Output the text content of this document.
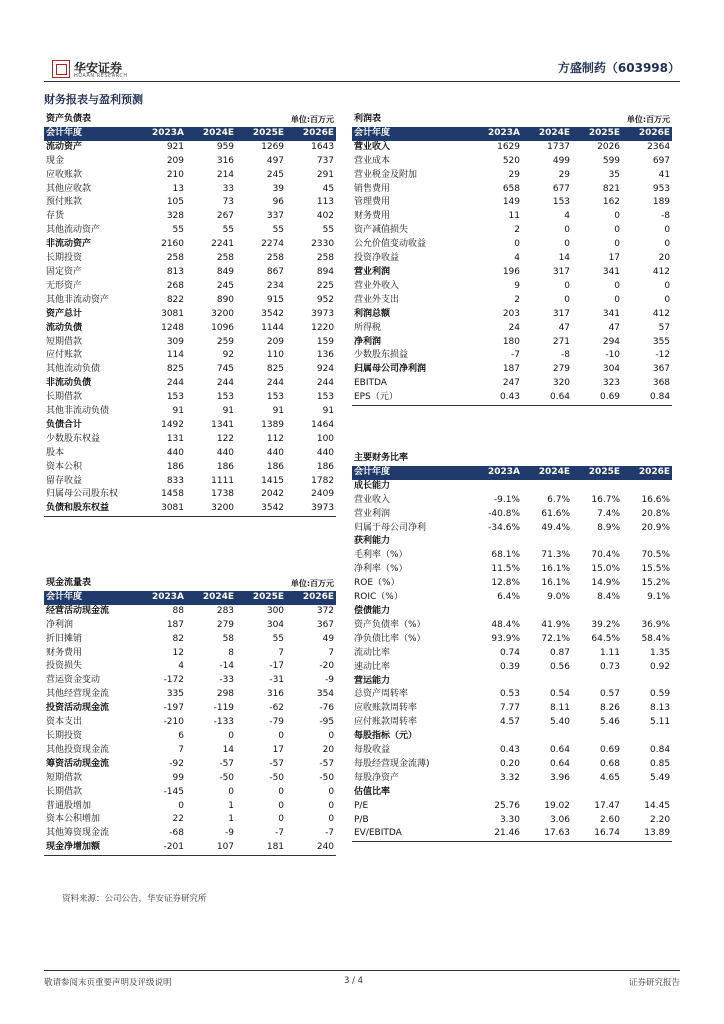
华安证券
HUAAN RESEARCH
方盛制药（603998）
财务报表与盈利预测
资产负债表			单位:百万元	
会计年度	2023A	2024E	2025E	2026E
流动资产	921	959	1269	1643
现金	209	316	497	737
应收账款	210	214	245	291
其他应收款	13	33	39	45
预付账款	105	73	96	113
存货	328	267	337	402
其他流动资产	55	55	55	55
非流动资产	2160	2241	2274	2330
长期投资	258	258	258	258
固定资产	813	849	867	894
无形资产	268	245	234	225
其他非流动资产	822	890	915	952
资产总计	3081	3200	3542	3973
流动负债	1248	1096	1144	1220
短期借款	309	259	209	159
应付账款	114	92	110	136
其他流动负债	825	745	825	924
非流动负债	244	244	244	244
长期借款	153	153	153	153
其他非流动负债	91	91	91	91
负债合计	1492	1341	1389	1464
少数股东权益	131	122	112	100
股本	440	440	440	440
资本公积	186	186	186	186
留存收益	833	1111	1415	1782
归属母公司股东权	1458	1738	2042	2409
负债和股东权益	3081	3200	3542	3973
利润表			单位:百万元	
会计年度	2023A	2024E	2025E	2026E
营业收入	1629	1737	2026	2364
营业成本	520	499	599	697
营业税金及附加	29	29	35	41
销售费用	658	677	821	953
管理费用	149	153	162	189
财务费用	11	4	0	-8
资产减值损失	2	0	0	0
公允价值变动收益	0	0	0	0
投资净收益	4	14	17	20
营业利润	196	317	341	412
营业外收入	9	0	0	0
营业外支出	2	0	0	0
利润总额	203	317	341	412
所得税	24	47	47	57
净利润	180	271	294	355
少数股东损益	-7	-8	-10	-12
归属母公司净利润	187	279	304	367
EBITDA	247	320	323	368
EPS（元）	0.43	0.64	0.69	0.84
主要财务比率				
会计年度	2023A	2024E	2025E	2026E
成长能力				
营业收入	-9.1%	6.7%	16.7%	16.6%
营业利润	-40.8%	61.6%	7.4%	20.8%
归属于母公司净利	-34.6%	49.4%	8.9%	20.9%
获利能力				
毛利率（%）	68.1%	71.3%	70.4%	70.5%
净利率（%）	11.5%	16.1%	15.0%	15.5%
ROE（%）	12.8%	16.1%	14.9%	15.2%
ROIC（%）	6.4%	9.0%	8.4%	9.1%
偿债能力				
资产负债率（%）	48.4%	41.9%	39.2%	36.9%
净负债比率（%）	93.9%	72.1%	64.5%	58.4%
流动比率	0.74	0.87	1.11	1.35
速动比率	0.39	0.56	0.73	0.92
营运能力				
总资产周转率	0.53	0.54	0.57	0.59
应收账款周转率	7.77	8.11	8.26	8.13
应付账款周转率	4.57	5.40	5.46	5.11
每股指标（元）				
每股收益	0.43	0.64	0.69	0.84
每股经营现金流薄)	0.20	0.64	0.68	0.85
每股净资产	3.32	3.96	4.65	5.49
估值比率				
P/E	25.76	19.02	17.47	14.45
P/B	3.30	3.06	2.60	2.20
EV/EBITDA	21.46	17.63	16.74	13.89
现金流量表			单位:百万元	
会计年度	2023A	2024E	2025E	2026E
经营活动现金流	88	283	300	372
净利润	187	279	304	367
折旧摊销	82	58	55	49
财务费用	12	8	7	7
投资损失	4	-14	-17	-20
营运资金变动	-172	-33	-31	-9
其他经营现金流	335	298	316	354
投资活动现金流	-197	-119	-62	-76
资本支出	-210	-133	-79	-95
长期投资	6	0	0	0
其他投资现金流	7	14	17	20
筹资活动现金流	-92	-57	-57	-57
短期借款	99	-50	-50	-50
长期借款	-145	0	0	0
普通股增加	0	1	0	0
资本公积增加	22	1	0	0
其他筹资现金流	-68	-9	-7	-7
现金净增加额	-201	107	181	240
资料来源：公司公告，华安证券研究所
敬请参阅末页重要声明及评级说明	3 / 4	证券研究报告
